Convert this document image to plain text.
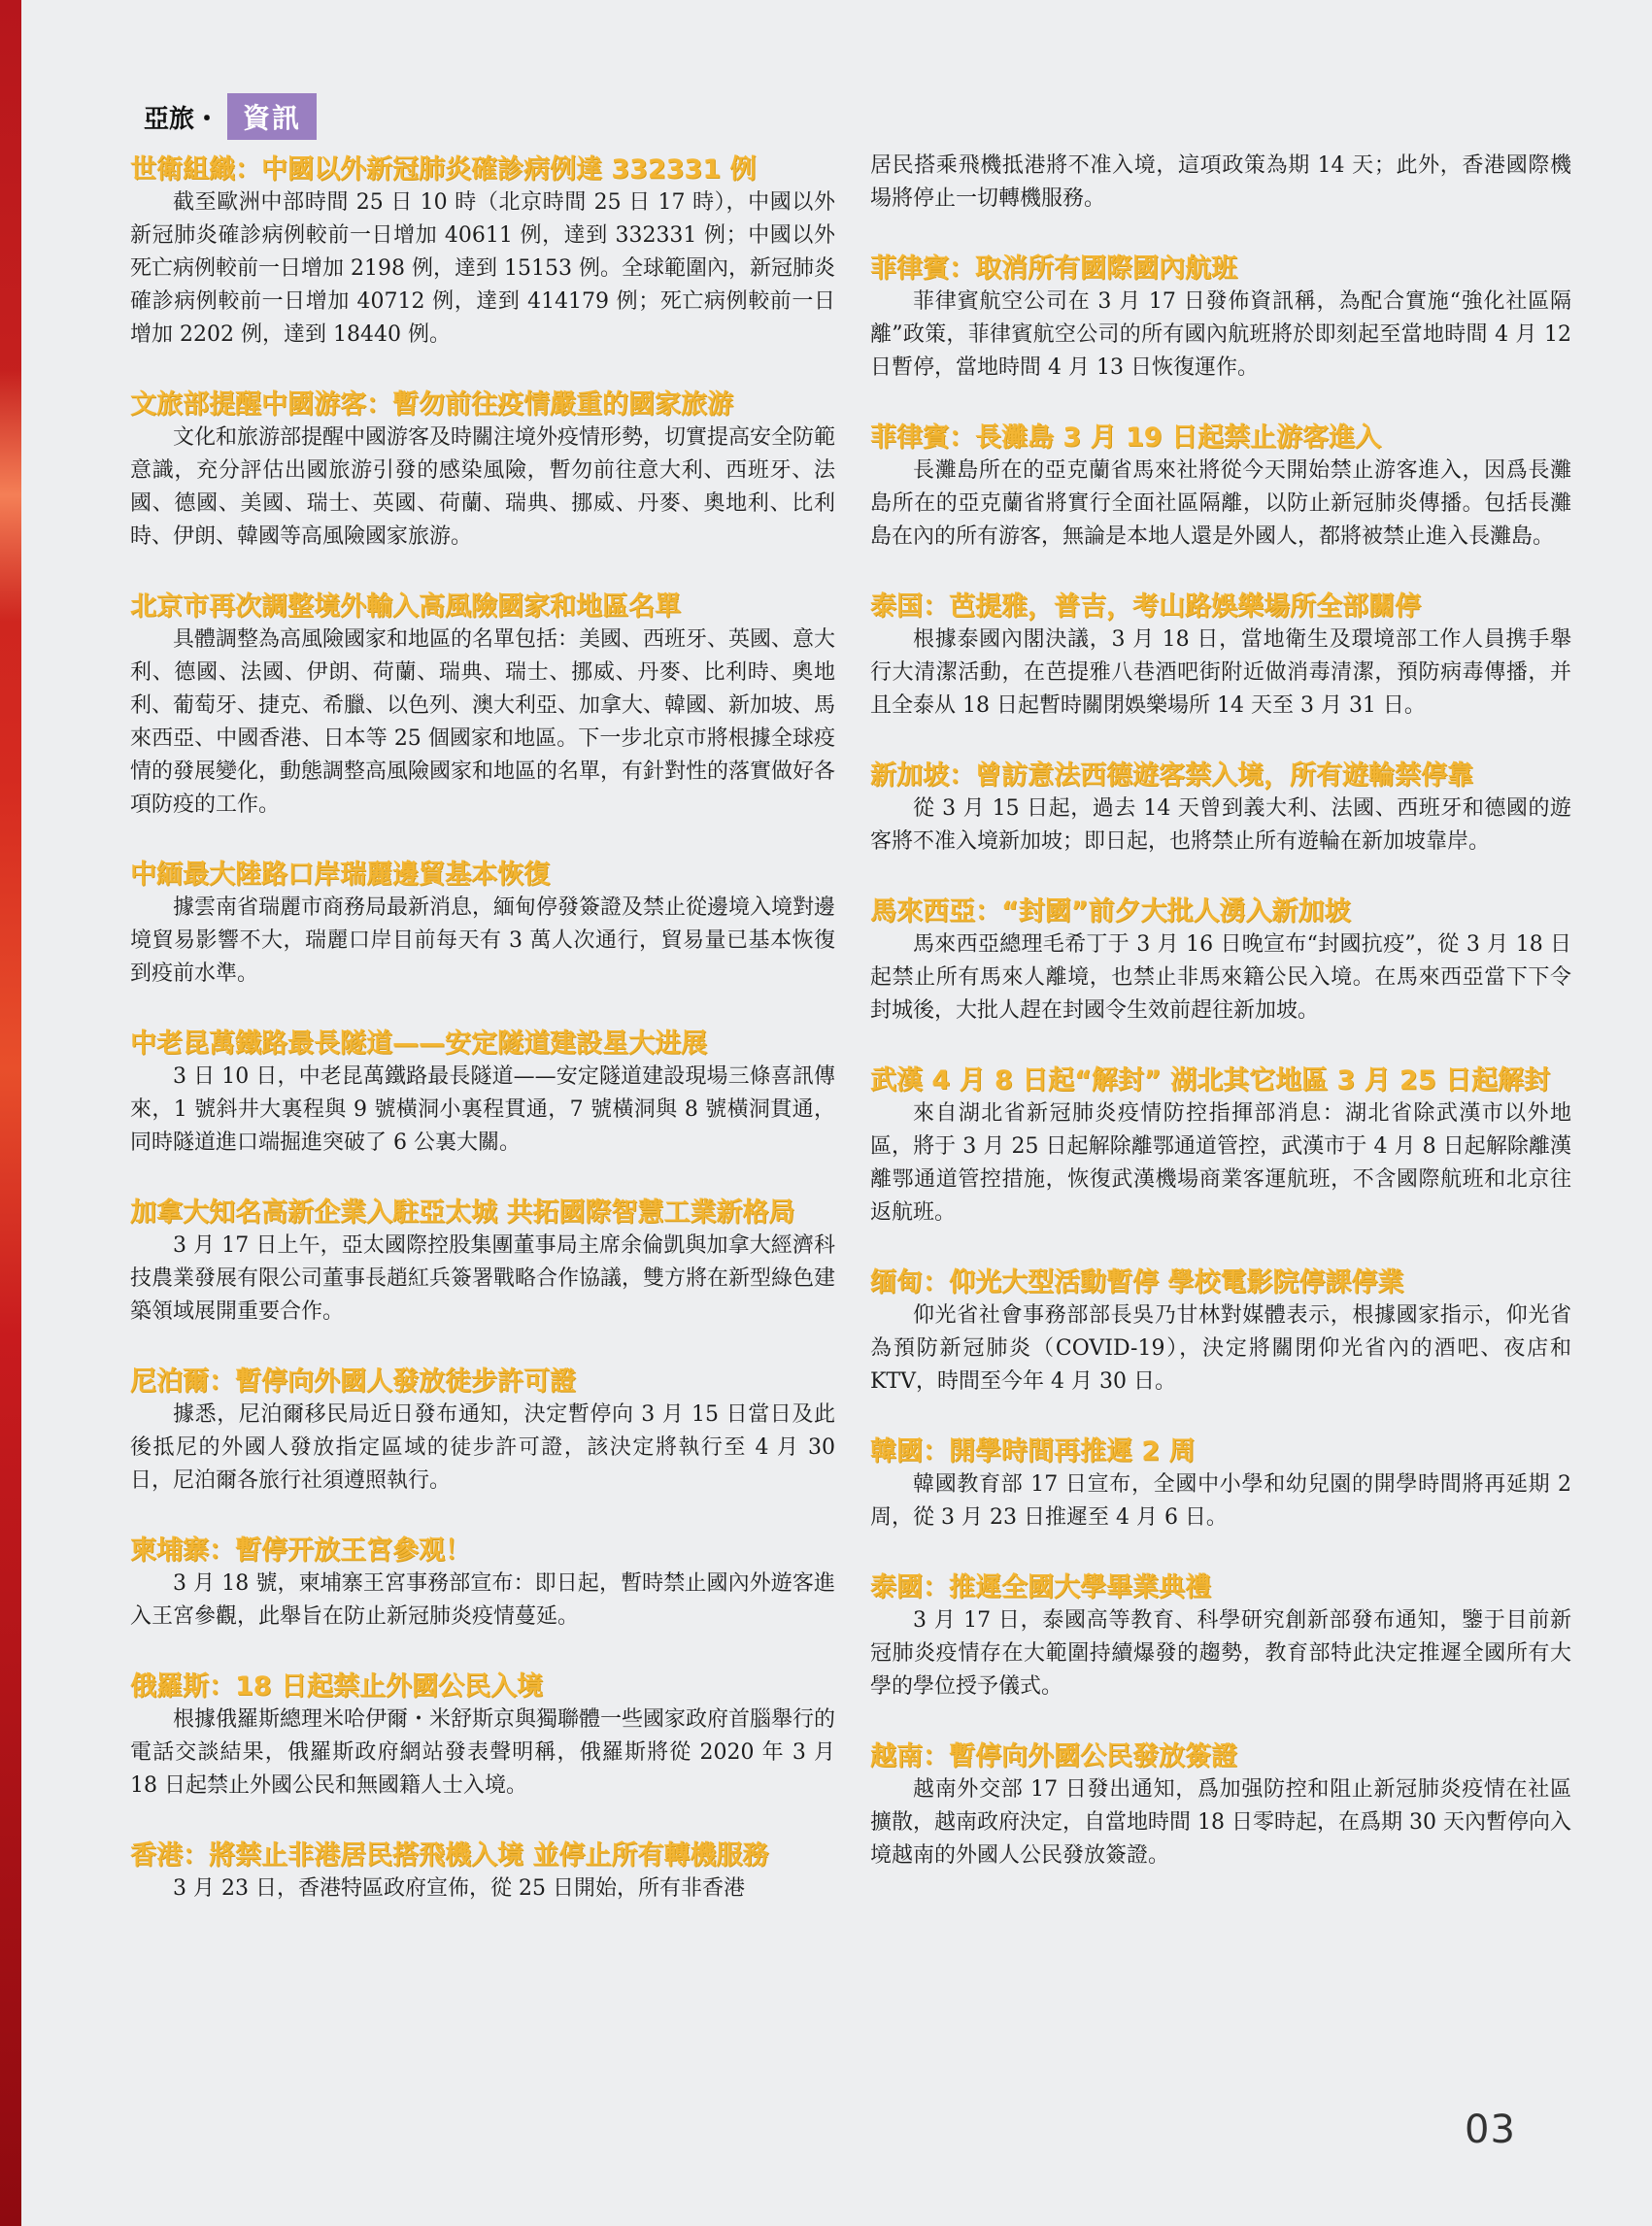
亞旅・ 資訊
世衛組織：中國以外新冠肺炎確診病例達 332331 例
截至歐洲中部時間 25 日 10 時（北京時間 25 日 17 時），中國以外新冠肺炎確診病例較前一日增加 40611 例，達到 332331 例；中國以外死亡病例較前一日增加 2198 例，達到 15153 例。全球範圍內，新冠肺炎確診病例較前一日增加 40712 例，達到 414179 例；死亡病例較前一日增加 2202 例，達到 18440 例。
文旅部提醒中國游客：暫勿前往疫情嚴重的國家旅游
文化和旅游部提醒中國游客及時關注境外疫情形勢，切實提高安全防範意識，充分評估出國旅游引發的感染風險，暫勿前往意大利、西班牙、法國、德國、美國、瑞士、英國、荷蘭、瑞典、挪威、丹麥、奧地利、比利時、伊朗、韓國等高風險國家旅游。
北京市再次調整境外輸入高風險國家和地區名單
具體調整為高風險國家和地區的名單包括：美國、西班牙、英國、意大利、德國、法國、伊朗、荷蘭、瑞典、瑞士、挪威、丹麥、比利時、奧地利、葡萄牙、捷克、希臘、以色列、澳大利亞、加拿大、韓國、新加坡、馬來西亞、中國香港、日本等 25 個國家和地區。下一步北京市將根據全球疫情的發展變化，動態調整高風險國家和地區的名單，有針對性的落實做好各項防疫的工作。
中緬最大陸路口岸瑞麗邊貿基本恢復
據雲南省瑞麗市商務局最新消息，緬甸停發簽證及禁止從邊境入境對邊境貿易影響不大，瑞麗口岸目前每天有 3 萬人次通行，貿易量已基本恢復到疫前水準。
中老昆萬鐵路最長隧道——安定隧道建設星大进展
3 日 10 日，中老昆萬鐵路最長隧道——安定隧道建設現場三條喜訊傳來，1 號斜井大裏程與 9 號橫洞小裏程貫通，7 號橫洞與 8 號橫洞貫通，同時隧道進口端掘進突破了 6 公裏大關。
加拿大知名高新企業入駐亞太城 共拓國際智慧工業新格局
3 月 17 日上午，亞太國際控股集團董事局主席余倫凱與加拿大經濟科技農業發展有限公司董事長趙紅兵簽署戰略合作協議，雙方將在新型綠色建築領域展開重要合作。
尼泊爾：暫停向外國人發放徒步許可證
據悉，尼泊爾移民局近日發布通知，決定暫停向 3 月 15 日當日及此後抵尼的外國人發放指定區域的徒步許可證，該決定將執行至 4 月 30 日，尼泊爾各旅行社須遵照執行。
柬埔寨：暫停开放王宮參观！
3 月 18 號，柬埔寨王宮事務部宣布：即日起，暫時禁止國內外遊客進入王宮參觀，此舉旨在防止新冠肺炎疫情蔓延。
俄羅斯：18 日起禁止外國公民入境
根據俄羅斯總理米哈伊爾・米舒斯京與獨聯體一些國家政府首腦舉行的電話交談結果，俄羅斯政府網站發表聲明稱，俄羅斯將從 2020 年 3 月 18 日起禁止外國公民和無國籍人士入境。
香港：將禁止非港居民搭飛機入境 並停止所有轉機服務
3 月 23 日，香港特區政府宣佈，從 25 日開始，所有非香港
居民搭乘飛機抵港將不准入境，這項政策為期 14 天；此外，香港國際機場將停止一切轉機服務。
菲律賓：取消所有國際國內航班
菲律賓航空公司在 3 月 17 日發佈資訊稱，為配合實施“強化社區隔離”政策，菲律賓航空公司的所有國內航班將於即刻起至當地時間 4 月 12 日暫停，當地時間 4 月 13 日恢復運作。
菲律賓：長灘島 3 月 19 日起禁止游客進入
長灘島所在的亞克蘭省馬來社將從今天開始禁止游客進入，因爲長灘島所在的亞克蘭省將實行全面社區隔離，以防止新冠肺炎傳播。包括長灘島在內的所有游客，無論是本地人還是外國人，都將被禁止進入長灘島。
泰国：芭提雅，普吉，考山路娛樂場所全部關停
根據泰國內閣決議，3 月 18 日，當地衛生及環境部工作人員携手舉行大清潔活動，在芭提雅八巷酒吧街附近做消毒清潔，預防病毒傳播，并且全泰从 18 日起暫時關閉娛樂場所 14 天至 3 月 31 日。
新加坡：曾訪意法西德遊客禁入境，所有遊輪禁停靠
從 3 月 15 日起，過去 14 天曾到義大利、法國、西班牙和德國的遊客將不准入境新加坡；即日起，也將禁止所有遊輪在新加坡靠岸。
馬來西亞：“封國”前夕大批人湧入新加坡
馬來西亞總理毛希丁于 3 月 16 日晚宣布“封國抗疫”，從 3 月 18 日起禁止所有馬來人離境，也禁止非馬來籍公民入境。在馬來西亞當下下令封城後，大批人趕在封國令生效前趕往新加坡。
武漢 4 月 8 日起“解封” 湖北其它地區 3 月 25 日起解封
來自湖北省新冠肺炎疫情防控指揮部消息：湖北省除武漢市以外地區，將于 3 月 25 日起解除離鄂通道管控，武漢市于 4 月 8 日起解除離漢離鄂通道管控措施，恢復武漢機場商業客運航班，不含國際航班和北京往返航班。
缅甸：仰光大型活動暫停 學校電影院停課停業
仰光省社會事務部部長吳乃甘林對媒體表示，根據國家指示，仰光省為預防新冠肺炎（COVID-19），決定將關閉仰光省內的酒吧、夜店和 KTV，時間至今年 4 月 30 日。
韓國：開學時間再推遲 2 周
韓國教育部 17 日宣布，全國中小學和幼兒園的開學時間將再延期 2 周，從 3 月 23 日推遲至 4 月 6 日。
泰國：推遲全國大學畢業典禮
3 月 17 日，泰國高等教育、科學研究創新部發布通知，鑒于目前新冠肺炎疫情存在大範圍持續爆發的趨勢，教育部特此決定推遲全國所有大學的學位授予儀式。
越南：暫停向外國公民發放簽證
越南外交部 17 日發出通知，爲加强防控和阻止新冠肺炎疫情在社區擴散，越南政府決定，自當地時間 18 日零時起，在爲期 30 天內暫停向入境越南的外國人公民發放簽證。
03
